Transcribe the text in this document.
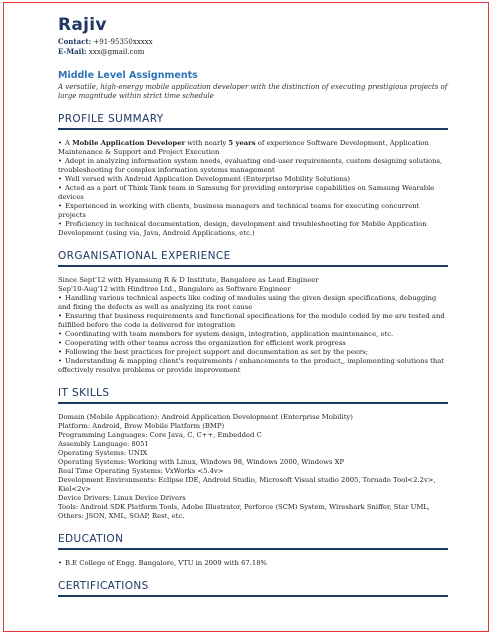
Rajiv
Contact: +91-95350xxxxx
E-Mail: xxx@gmail.com
Middle Level Assignments
A versatile, high-energy mobile application developer with the distinction of executing prestigious projects of large magnitude within strict time schedule
PROFILE SUMMARY
• A Mobile Application Developer with nearly 5 years of experience Software Development, Application Maintenance & Support and Project Execution
• Adept in analyzing information system needs, evaluating end-user requirements, custom designing solutions, troubleshooting for complex information systems management
• Well versed with Android Application Development (Enterprise Mobility Solutions)
• Acted as a part of Think Tank team in Samsung for providing enterprise capabilities on Samsung Wearable devices
• Experienced in working with clients, business managers and technical teams for executing concurrent projects
• Proficiency in technical documentation, design, development and troubleshooting for Mobile Application Development (using via, Java, Android Applications, etc.)
ORGANISATIONAL EXPERIENCE
Since Sept'12 with Hyamsung R & D Institute, Bangalore as Lead Engineer
Sep'10-Aug'12 with Hindtree Ltd., Bangalore as Software Engineer
• Handling various technical aspects like coding of modules using the given design specifications, debugging and fixing the defects as well as analyzing its root cause
• Ensuring that business requirements and functional specifications for the module coded by me are tested and fulfilled before the code is delivered for integration
• Coordinating with team members for system design, integration, application maintenance, etc.
• Cooperating with other teams across the organization for efficient work progress
• Following the best practices for project support and documentation as set by the peers;
• Understanding & mapping client's requirements / enhancements to the product,, implementing solutions that effectively resolve problems or provide improvement
IT SKILLS
Domain (Mobile Application): Android Application Development (Enterprise Mobility)
Platform: Android, Brew Mobile Platform (BMP)
Programming Languages: Core Java, C, C++, Embedded C
Assembly Language: 8051
Operating Systems: UNIX
Operating Systems: Working with Linux, Windows 98, Windows 2000, Windows XP
Real Time Operating Systems: VxWorks <5.4v>
Development Environments: Eclipse IDE, Android Studio, Microsoft Visual studio 2005, Tornado Tool<2.2v>, Kiel<2v>
Device Drivers: Linux Device Drivers
Tools: Android SDK Platform Tools, Adobe Illustrator, Perforce (SCM) System, Wireshark Sniffer, Star UML, Others: JSON, XML, SOAP, Rest, etc.
EDUCATION
• B.E College of Engg. Bangalore, VTU in 2009 with 67.18%
CERTIFICATIONS
